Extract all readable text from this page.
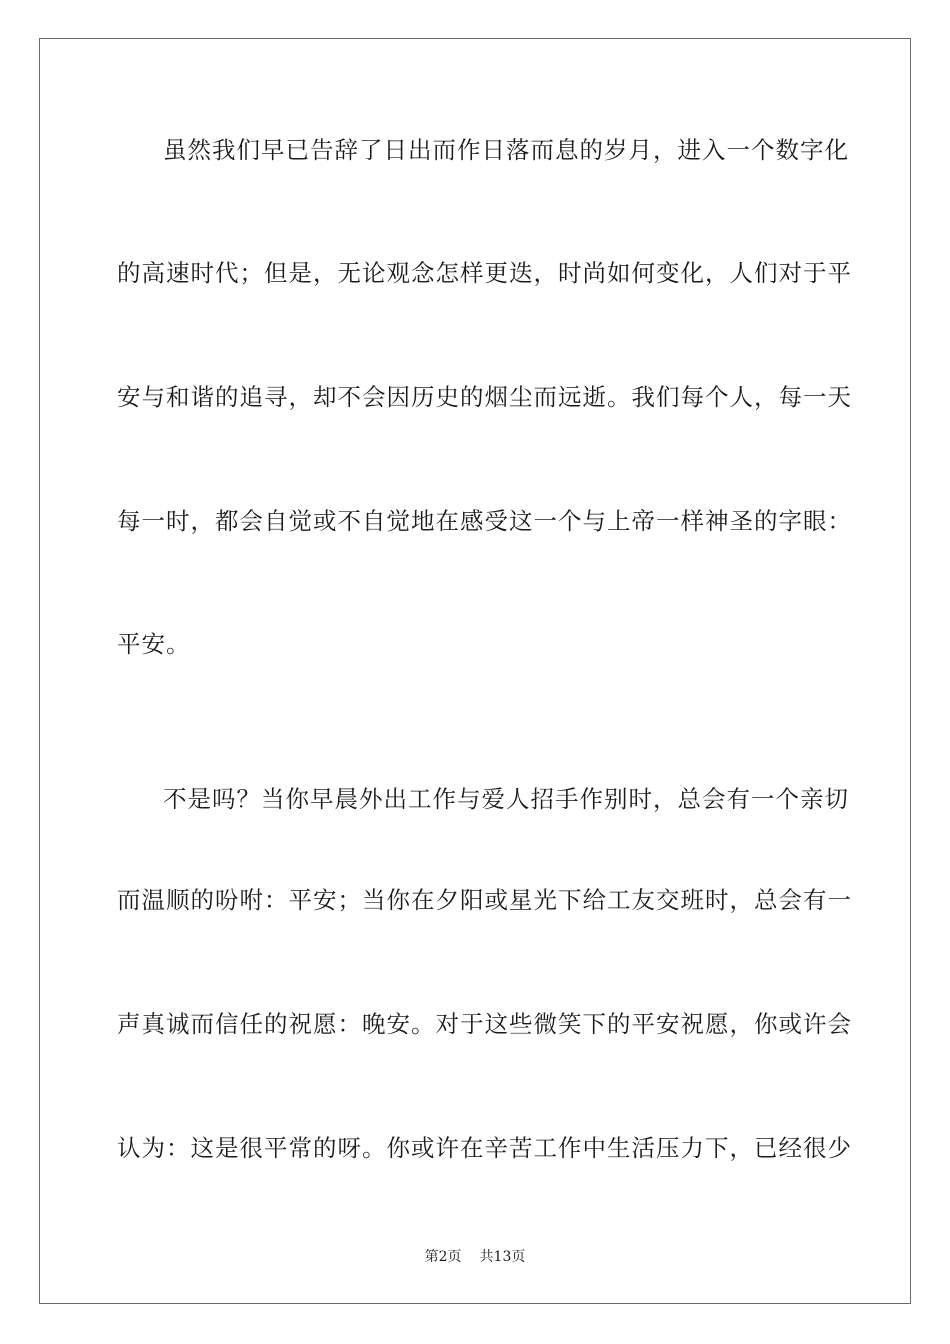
虽然我们早已告辞了日出而作日落而息的岁月，进入一个数字化
的高速时代；但是，无论观念怎样更迭，时尚如何变化，人们对于平
安与和谐的追寻，却不会因历史的烟尘而远逝。我们每个人，每一天
每一时，都会自觉或不自觉地在感受这一个与上帝一样神圣的字眼：
平安。
不是吗？当你早晨外出工作与爱人招手作别时，总会有一个亲切
而温顺的吩咐：平安；当你在夕阳或星光下给工友交班时，总会有一
声真诚而信任的祝愿：晚安。对于这些微笑下的平安祝愿，你或许会
认为：这是很平常的呀。你或许在辛苦工作中生活压力下，已经很少
第2页 共13页
